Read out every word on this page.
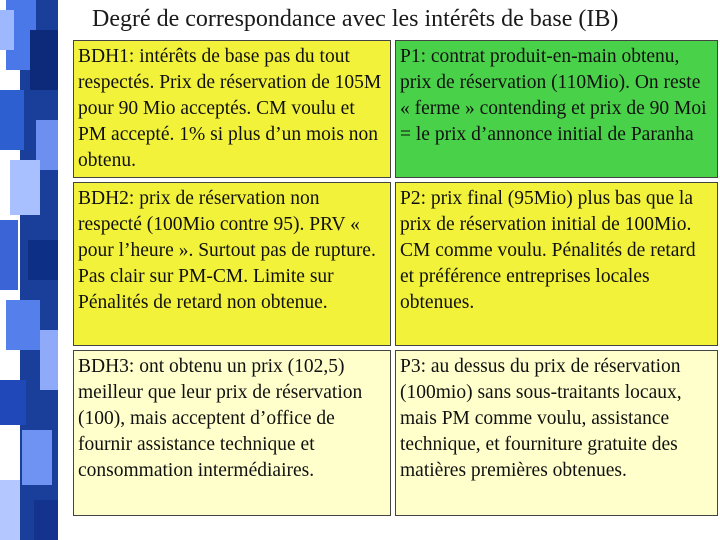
Degré de correspondance avec les intérêts de base (IB)
BDH1: intérêts de base pas du tout respectés. Prix de réservation de 105M pour 90 Mio acceptés. CM voulu et PM accepté. 1% si plus d’un mois non obtenu.
P1: contrat produit-en-main obtenu, prix de réservation (110Mio). On reste « ferme » contending et prix de 90 Moi = le prix d’annonce initial de Paranha
BDH2: prix de réservation non respecté (100Mio contre 95). PRV « pour l’heure ». Surtout pas de rupture. Pas clair sur PM-CM. Limite sur Pénalités de retard non obtenue.
P2: prix final (95Mio) plus bas que la prix de réservation initial de 100Mio. CM comme voulu. Pénalités de retard et préférence entreprises locales obtenues.
BDH3: ont obtenu un prix (102,5) meilleur que leur prix de réservation (100), mais acceptent d’office de fournir assistance technique et consommation intermédiaires.
P3: au dessus du prix de réservation (100mio) sans sous-traitants locaux, mais PM comme voulu, assistance technique, et fourniture gratuite des matières premières obtenues.
